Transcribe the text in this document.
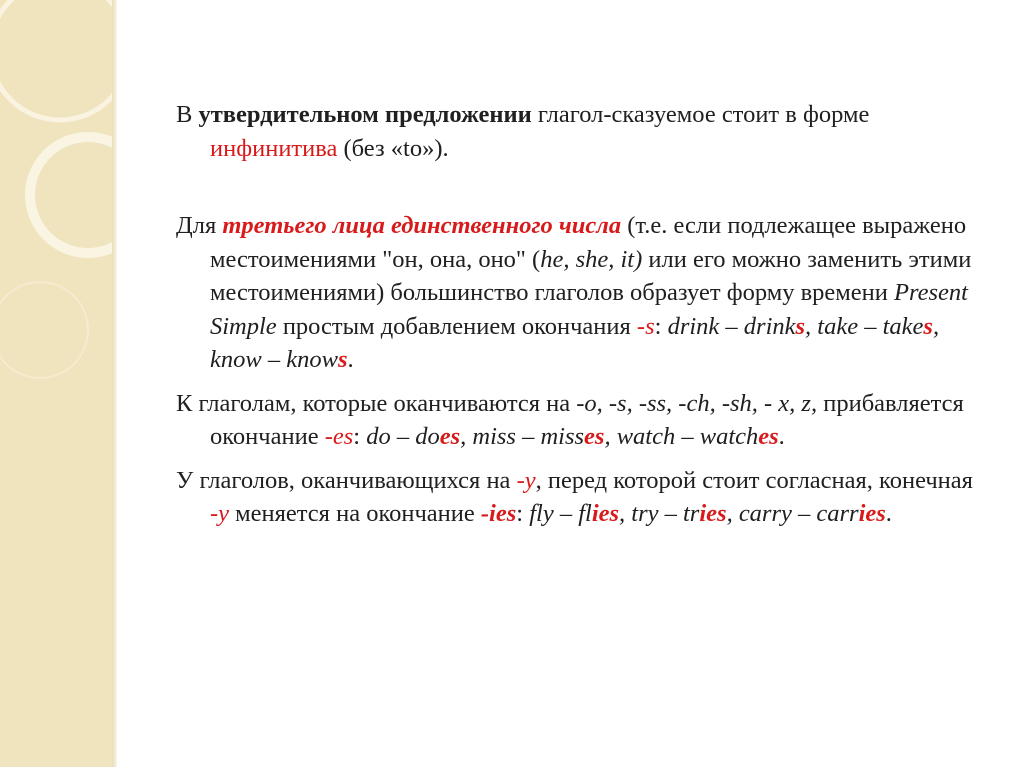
В утвердительном предложении глагол-сказуемое стоит в форме инфинитива (без «to»).

Для третьего лица единственного числа (т.е. если подлежащее выражено местоимениями "он, она, оно" (he, she, it) или его можно заменить этими местоимениями) большинство глаголов образует форму времени Present Simple простым добавлением окончания -s: drink – drinks, take – takes, know – knows.

К глаголам, которые оканчиваются на -o, -s, -ss, -ch, -sh, - x, z, прибавляется окончание -es: do – does, miss – misses, watch – watches.

У глаголов, оканчивающихся на -y, перед которой стоит согласная, конечная -y меняется на окончание -ies: fly – flies, try – tries, carry – carries.
